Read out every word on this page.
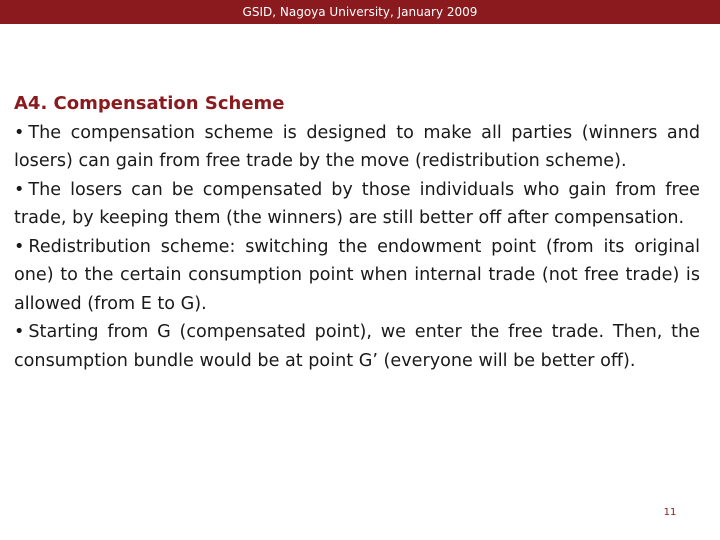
GSID, Nagoya University, January 2009

A4. Compensation Scheme

• The compensation scheme is designed to make all parties (winners and losers) can gain from free trade by the move (redistribution scheme).

• The losers can be compensated by those individuals who gain from free trade, by keeping them (the winners) are still better off after compensation.

• Redistribution scheme: switching the endowment point (from its original one) to the certain consumption point when internal trade (not free trade) is allowed (from E to G).

• Starting from G (compensated point), we enter the free trade. Then, the consumption bundle would be at point G’ (everyone will be better off).

11
